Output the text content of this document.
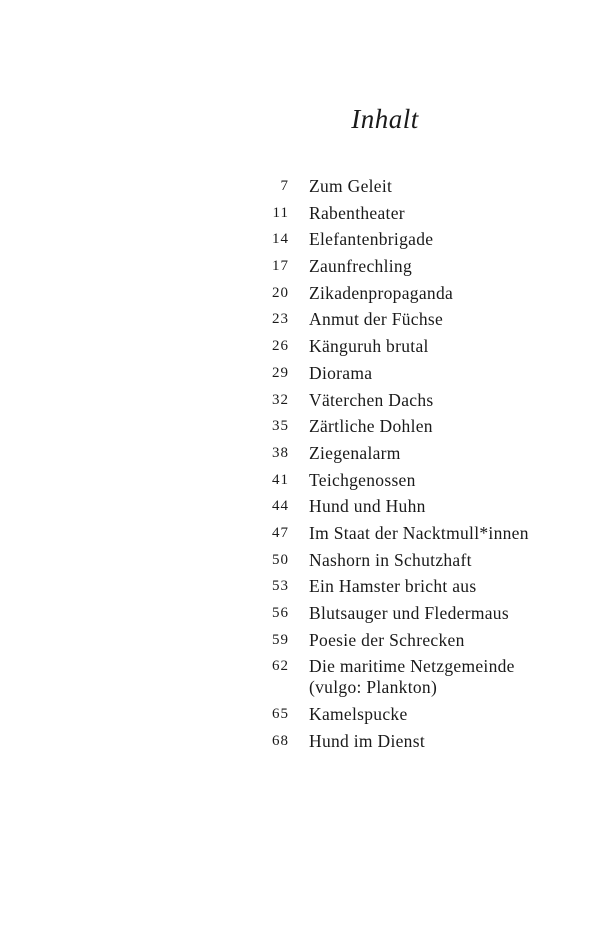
Inhalt
7	Zum Geleit
11	Rabentheater
14	Elefantenbrigade
17	Zaunfrechling
20	Zikadenpropaganda
23	Anmut der Füchse
26	Känguruh brutal
29	Diorama
32	Väterchen Dachs
35	Zärtliche Dohlen
38	Ziegenalarm
41	Teichgenossen
44	Hund und Huhn
47	Im Staat der Nacktmull*innen
50	Nashorn in Schutzhaft
53	Ein Hamster bricht aus
56	Blutsauger und Fledermaus
59	Poesie der Schrecken
62	Die maritime Netzgemeinde
(vulgo: Plankton)
65	Kamelspucke
68	Hund im Dienst
